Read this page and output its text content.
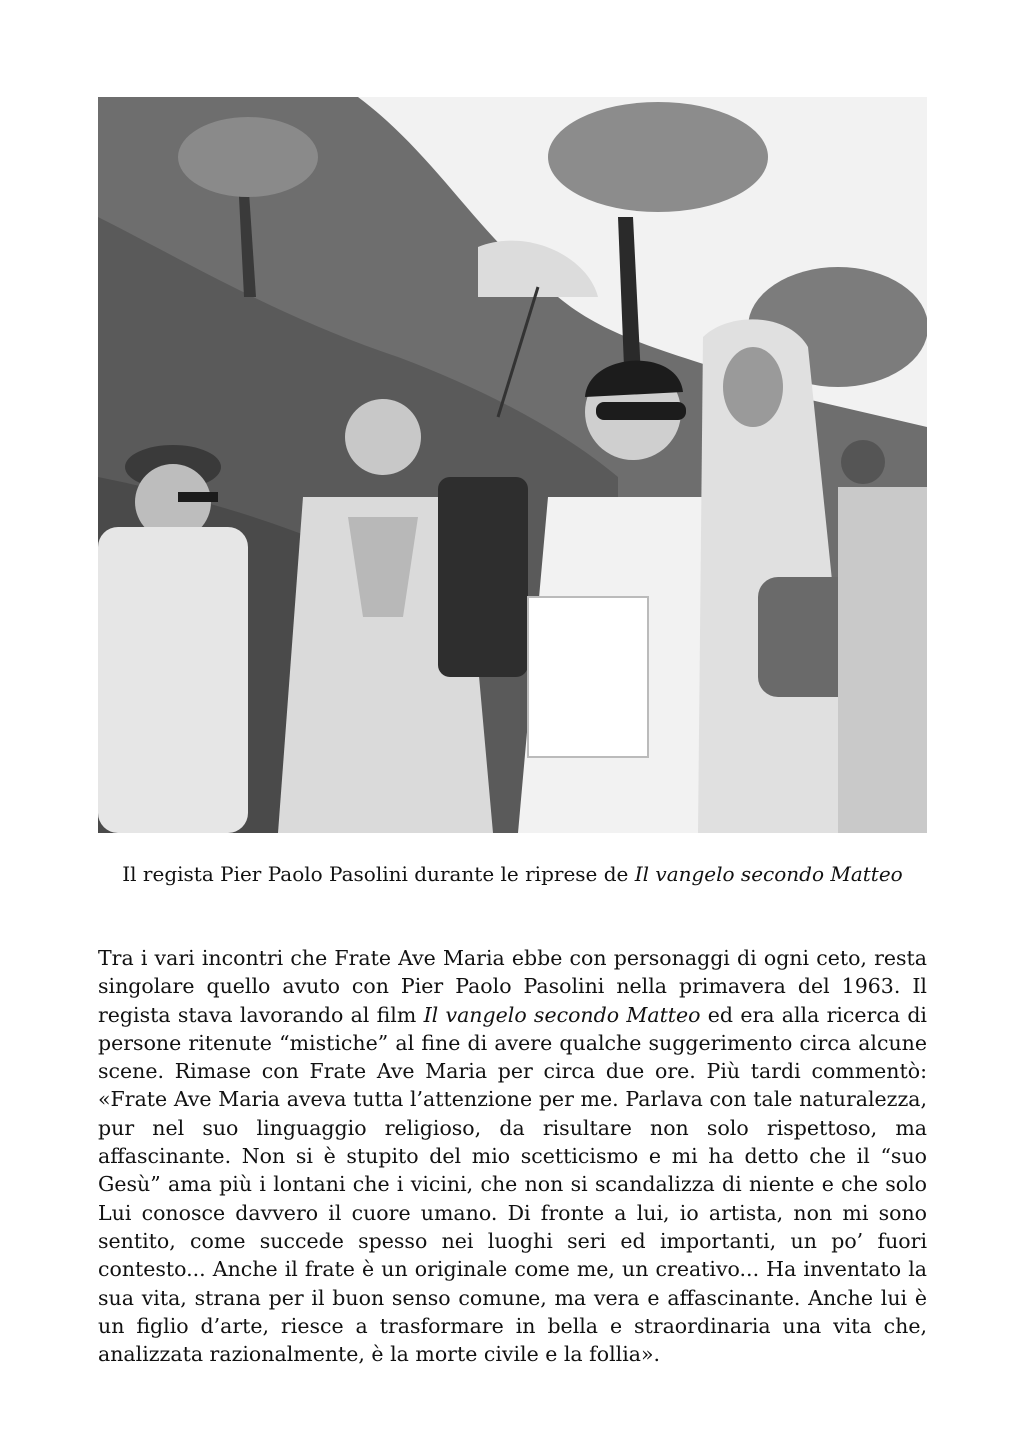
Il regista Pier Paolo Pasolini durante le riprese de Il vangelo secondo Matteo
Tra i vari incontri che Frate Ave Maria ebbe con personaggi di ogni ceto, resta singolare quello avuto con Pier Paolo Pasolini nella primavera del 1963. Il regista stava lavorando al film Il vangelo secondo Matteo ed era alla ricerca di persone ritenute “mistiche” al fine di avere qualche suggerimento circa alcune scene. Rimase con Frate Ave Maria per circa due ore. Più tardi commentò: «Frate Ave Maria aveva tutta l’attenzione per me. Parlava con tale naturalezza, pur nel suo linguaggio religioso, da risultare non solo rispettoso, ma affascinante. Non si è stupito del mio scetticismo e mi ha detto che il “suo Gesù” ama più i lontani che i vicini, che non si scandalizza di niente e che solo Lui conosce davvero il cuore umano. Di fronte a lui, io artista, non mi sono sentito, come succede spesso nei luoghi seri ed importanti, un po’ fuori contesto... Anche il frate è un originale come me, un creativo... Ha inventato la sua vita, strana per il buon senso comune, ma vera e affascinante. Anche lui è un figlio d’arte, riesce a trasformare in bella e straordinaria una vita che, analizzata razionalmente, è la morte civile e la follia».
